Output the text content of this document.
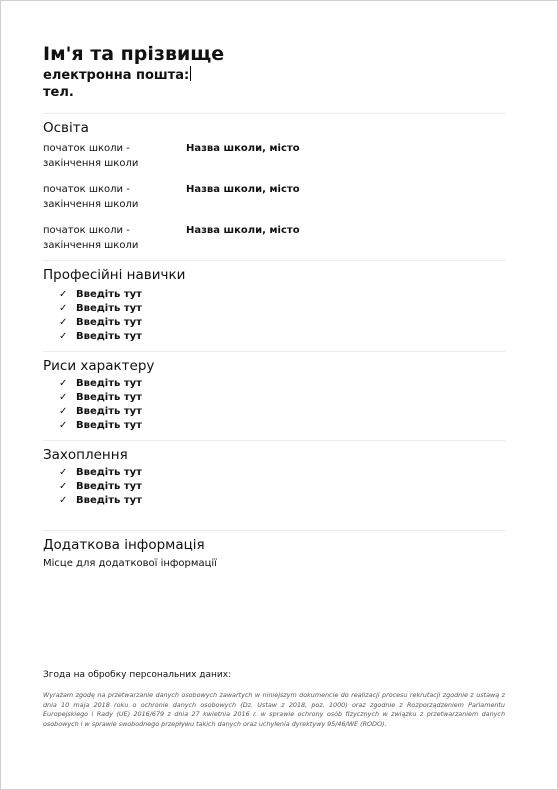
Ім'я та прізвище
електронна пошта:
тел.
Освіта
початок школи -
закінчення школи
Назва школи, місто
початок школи -
закінчення школи
Назва школи, місто
початок школи -
закінчення школи
Назва школи, місто
Професійні навички
✓ Введіть тут
✓ Введіть тут
✓ Введіть тут
✓ Введіть тут
Риси характеру
✓ Введіть тут
✓ Введіть тут
✓ Введіть тут
✓ Введіть тут
Захоплення
✓ Введіть тут
✓ Введіть тут
✓ Введіть тут
Додаткова інформація
Місце для додаткової інформації
Згода на обробку персональних даних:
Wyrażam zgodę na przetwarzanie danych osobowych zawartych w niniejszym dokumencie do realizacji procesu rekrutacji zgodnie z ustawą z dnia 10 maja 2018 roku o ochronie danych osobowych (Dz. Ustaw z 2018, poz. 1000) oraz zgodnie z Rozporządzeniem Parlamentu Europejskiego i Rady (UE) 2016/679 z dnia 27 kwietnia 2016 r. w sprawie ochrony osób fizycznych w związku z przetwarzaniem danych osobowych i w sprawie swobodnego przepływu takich danych oraz uchylenia dyrektywy 95/46/WE (RODO).
